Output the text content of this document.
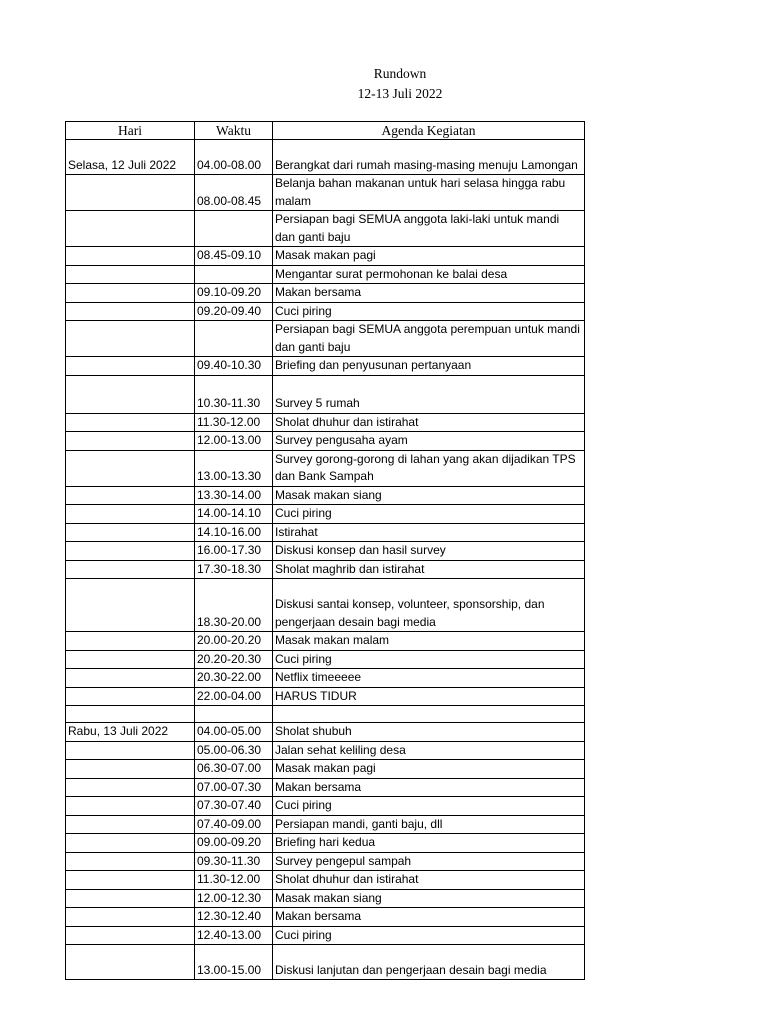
Rundown
12-13 Juli 2022
Hari	Waktu	Agenda Kegiatan
Selasa, 12 Juli 2022	04.00-08.00	Berangkat dari rumah masing-masing menuju Lamongan
	08.00-08.45	Belanja bahan makanan untuk hari selasa hingga rabu malam
		Persiapan bagi SEMUA anggota laki-laki untuk mandi dan ganti baju
	08.45-09.10	Masak makan pagi
		Mengantar surat permohonan ke balai desa
	09.10-09.20	Makan bersama
	09.20-09.40	Cuci piring
		Persiapan bagi SEMUA anggota perempuan untuk mandi dan ganti baju
	09.40-10.30	Briefing dan penyusunan pertanyaan
	10.30-11.30	Survey 5 rumah
	11.30-12.00	Sholat dhuhur dan istirahat
	12.00-13.00	Survey pengusaha ayam
	13.00-13.30	Survey gorong-gorong di lahan yang akan dijadikan TPS dan Bank Sampah
	13.30-14.00	Masak makan siang
	14.00-14.10	Cuci piring
	14.10-16.00	Istirahat
	16.00-17.30	Diskusi konsep dan hasil survey
	17.30-18.30	Sholat maghrib dan istirahat
	18.30-20.00	Diskusi santai konsep, volunteer, sponsorship, dan pengerjaan desain bagi media
	20.00-20.20	Masak makan malam
	20.20-20.30	Cuci piring
	20.30-22.00	Netflix timeeeee
	22.00-04.00	HARUS TIDUR

Rabu, 13 Juli 2022	04.00-05.00	Sholat shubuh
	05.00-06.30	Jalan sehat keliling desa
	06.30-07.00	Masak makan pagi
	07.00-07.30	Makan bersama
	07.30-07.40	Cuci piring
	07.40-09.00	Persiapan mandi, ganti baju, dll
	09.00-09.20	Briefing hari kedua
	09.30-11.30	Survey pengepul sampah
	11.30-12.00	Sholat dhuhur dan istirahat
	12.00-12.30	Masak makan siang
	12.30-12.40	Makan bersama
	12.40-13.00	Cuci piring
	13.00-15.00	Diskusi lanjutan dan pengerjaan desain bagi media
